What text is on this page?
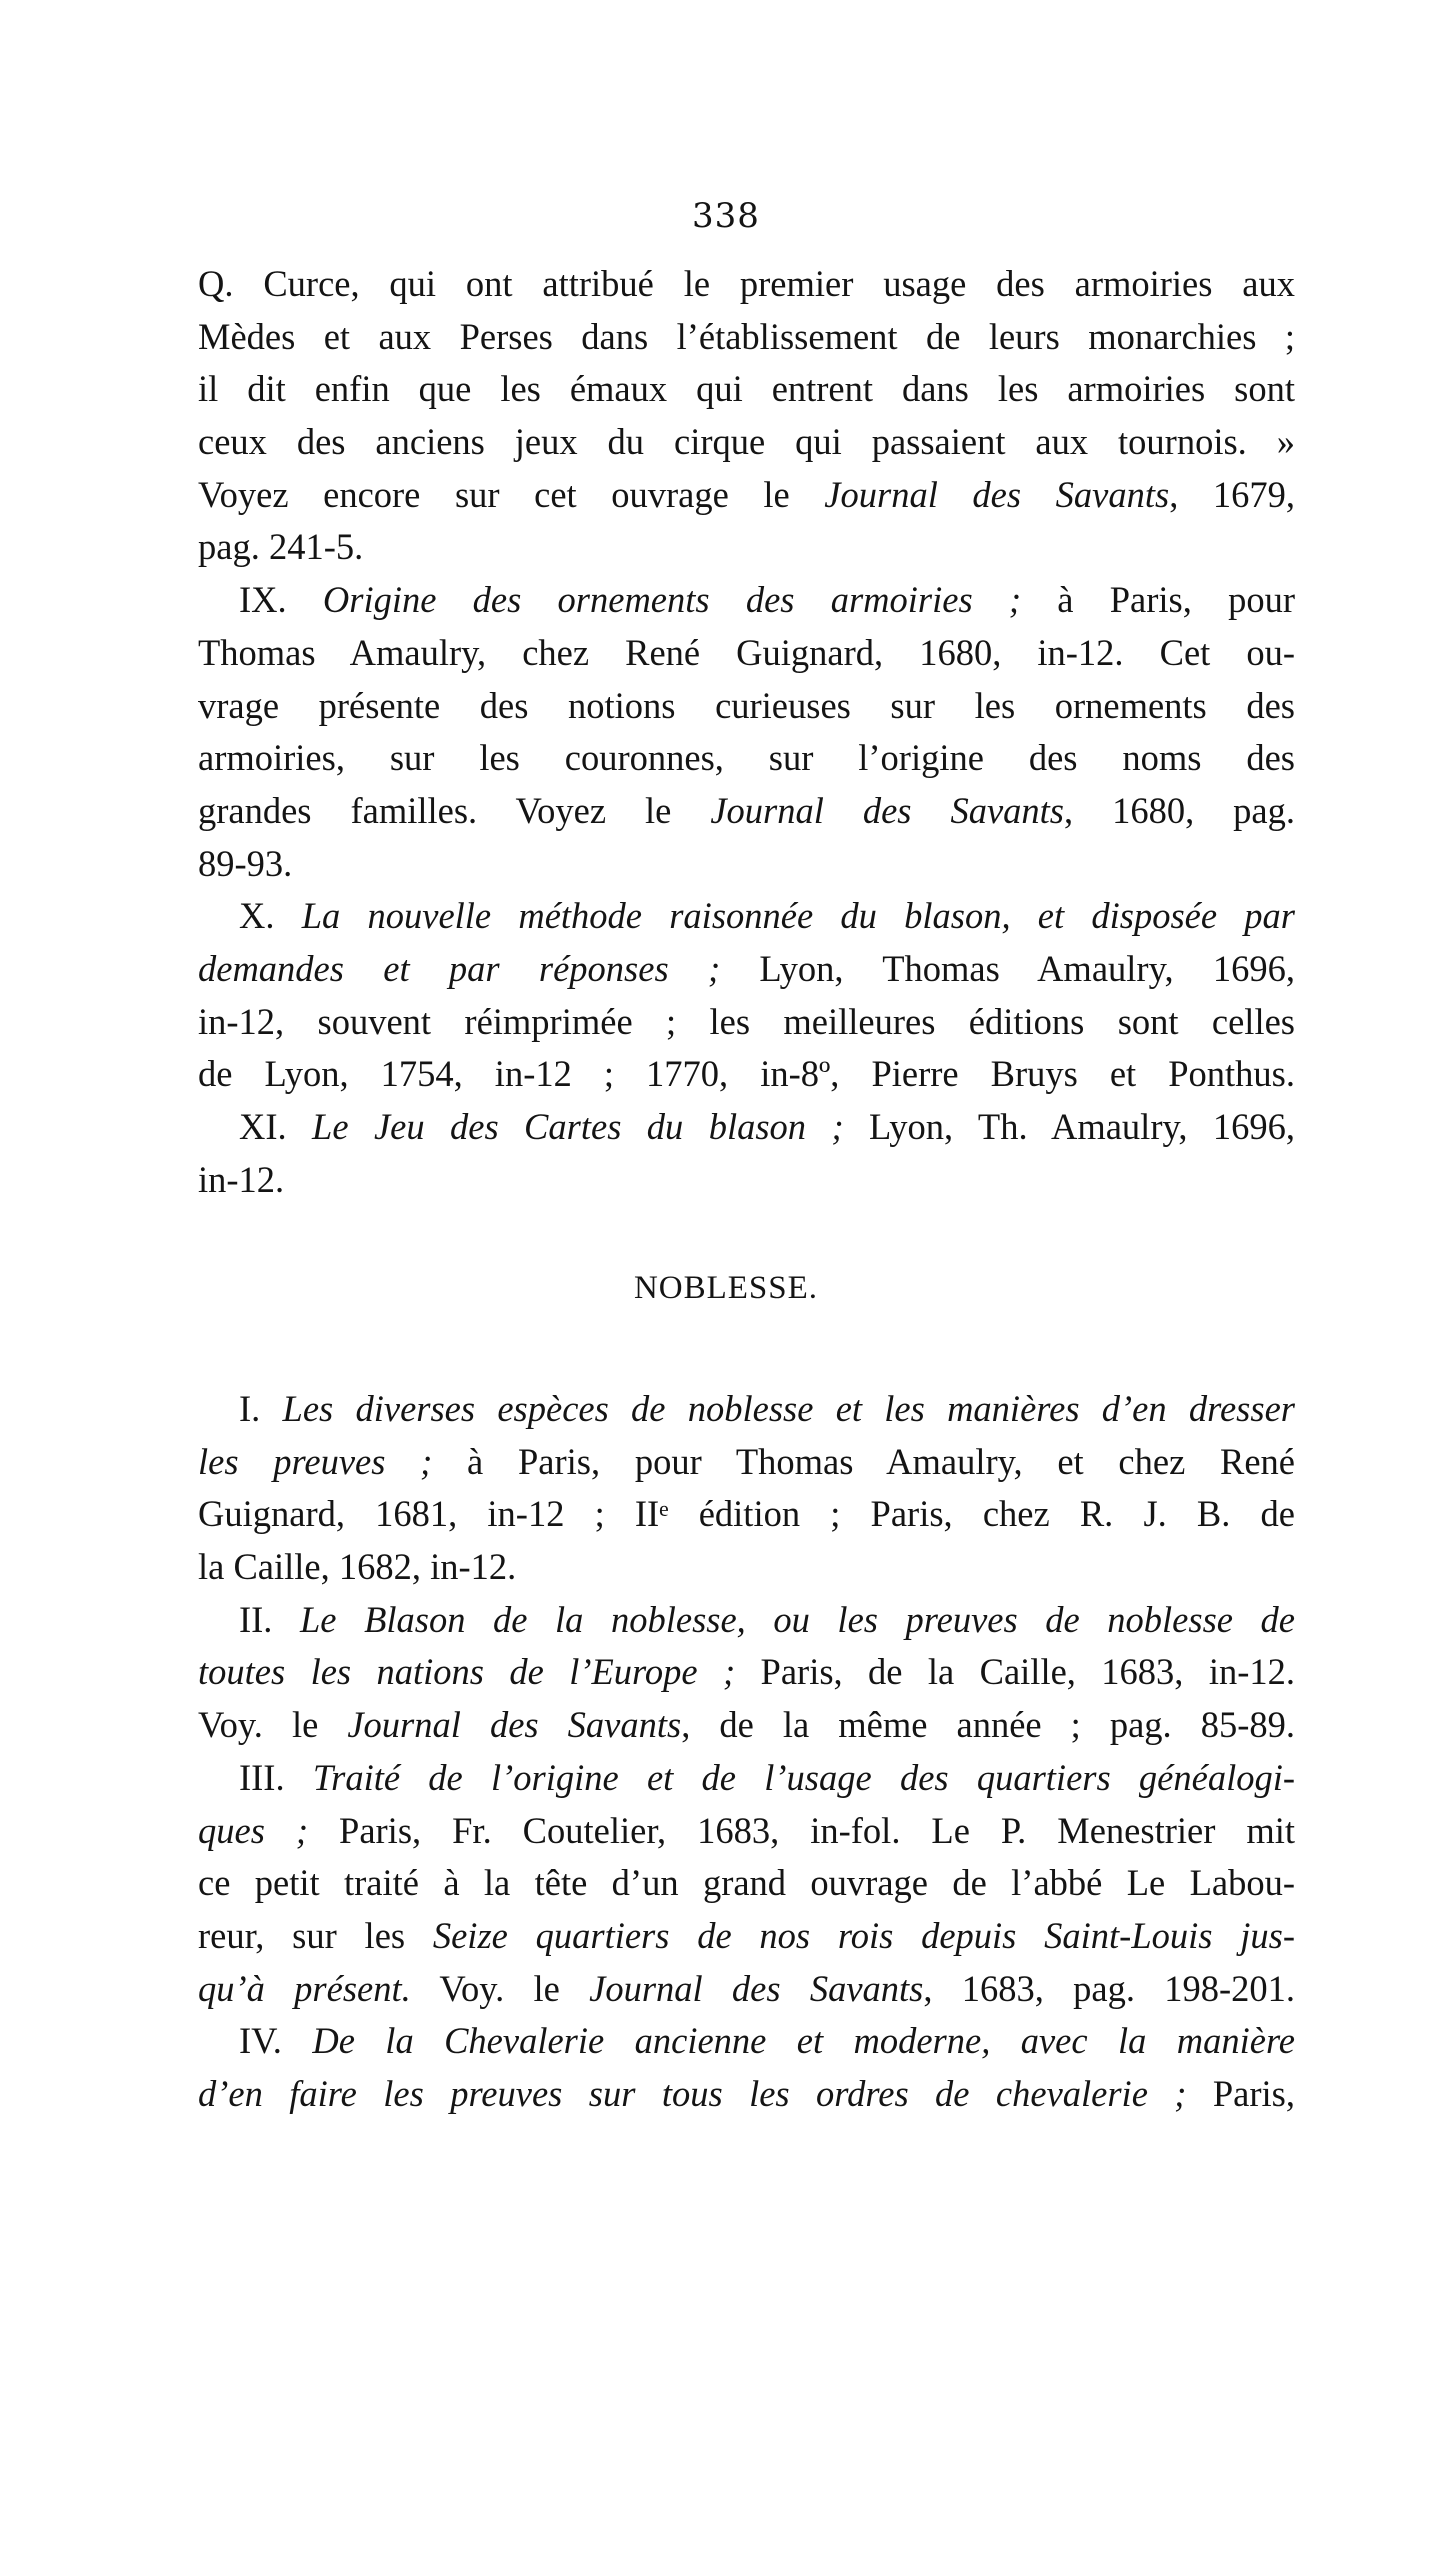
338
Q. Curce, qui ont attribué le premier usage des armoiries aux
Mèdes et aux Perses dans l’établissement de leurs monarchies ;
il dit enfin que les émaux qui entrent dans les armoiries sont
ceux des anciens jeux du cirque qui passaient aux tournois. »
Voyez encore sur cet ouvrage le Journal des Savants, 1679,
pag. 241-5.
IX. Origine des ornements des armoiries ; à Paris, pour
Thomas Amaulry, chez René Guignard, 1680, in-12. Cet ou-
vrage présente des notions curieuses sur les ornements des
armoiries, sur les couronnes, sur l’origine des noms des
grandes familles. Voyez le Journal des Savants, 1680, pag.
89-93.
X. La nouvelle méthode raisonnée du blason, et disposée par
demandes et par réponses ; Lyon, Thomas Amaulry, 1696,
in-12, souvent réimprimée ; les meilleures éditions sont celles
de Lyon, 1754, in-12 ; 1770, in-8º, Pierre Bruys et Ponthus.
XI. Le Jeu des Cartes du blason ; Lyon, Th. Amaulry, 1696,
in-12.
NOBLESSE.
I. Les diverses espèces de noblesse et les manières d’en dresser
les preuves ; à Paris, pour Thomas Amaulry, et chez René
Guignard, 1681, in-12 ; IIᵉ édition ; Paris, chez R. J. B. de
la Caille, 1682, in-12.
II. Le Blason de la noblesse, ou les preuves de noblesse de
toutes les nations de l’Europe ; Paris, de la Caille, 1683, in-12.
Voy. le Journal des Savants, de la même année ; pag. 85-89.
III. Traité de l’origine et de l’usage des quartiers généalogi-
ques ; Paris, Fr. Coutelier, 1683, in-fol. Le P. Menestrier mit
ce petit traité à la tête d’un grand ouvrage de l’abbé Le Labou-
reur, sur les Seize quartiers de nos rois depuis Saint-Louis jus-
qu’à présent. Voy. le Journal des Savants, 1683, pag. 198-201.
IV. De la Chevalerie ancienne et moderne, avec la manière
d’en faire les preuves sur tous les ordres de chevalerie ; Paris,
